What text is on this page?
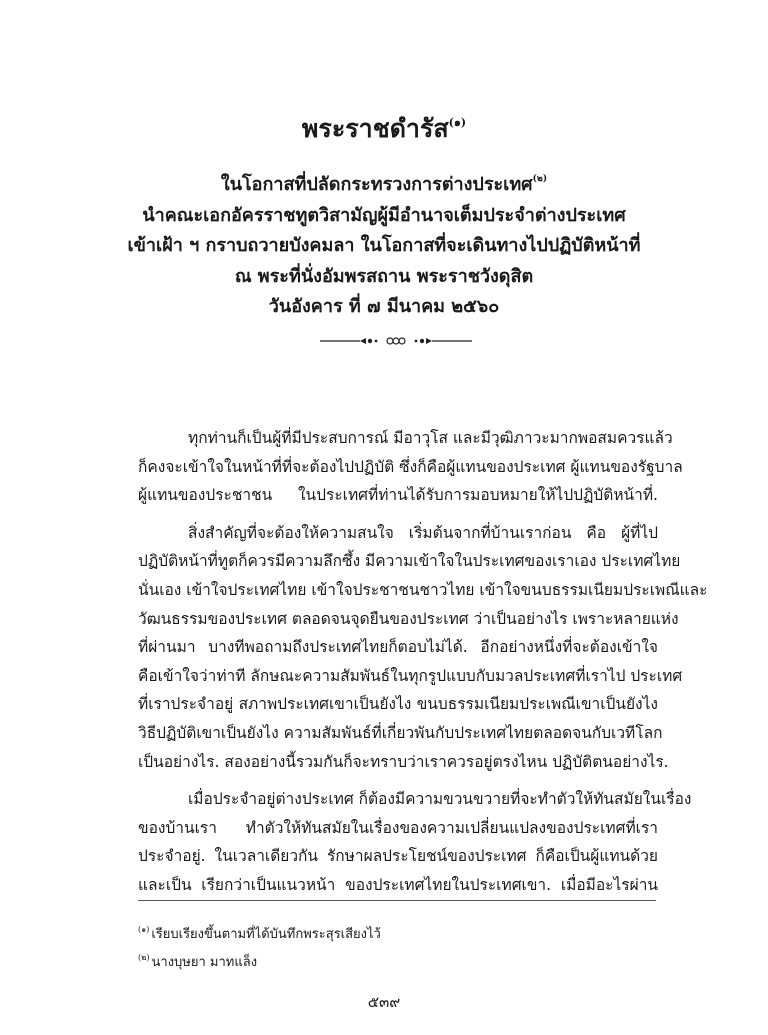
พระราชดำรัส$^{(๑)}$
ในโอกาสที่ปลัดกระทรวงการต่างประเทศ$^{(๒)}$
นำคณะเอกอัครราชทูตวิสามัญผู้มีอำนาจเต็มประจำต่างประเทศ
เข้าเฝ้า ฯ กราบถวายบังคมลา ในโอกาสที่จะเดินทางไปปฏิบัติหน้าที่
ณ พระที่นั่งอัมพรสถาน พระราชวังดุสิต
วันอังคาร ที่ ๗ มีนาคม ๒๕๖๐
ทุกท่านก็เป็นผู้ที่มีประสบการณ์ มีอาวุโส และมีวุฒิภาวะมากพอสมควรแล้ว
ก็คงจะเข้าใจในหน้าที่ที่จะต้องไปปฏิบัติ ซึ่งก็คือผู้แทนของประเทศ ผู้แทนของรัฐบาล
ผู้แทนของประชาชน ในประเทศที่ท่านได้รับการมอบหมายให้ไปปฏิบัติหน้าที่.
สิ่งสำคัญที่จะต้องให้ความสนใจ เริ่มต้นจากที่บ้านเราก่อน คือ ผู้ที่ไป
ปฏิบัติหน้าที่ทูตก็ควรมีความลึกซึ้ง มีความเข้าใจในประเทศของเราเอง ประเทศไทย
นั่นเอง เข้าใจประเทศไทย เข้าใจประชาชนชาวไทย เข้าใจขนบธรรมเนียมประเพณีและ
วัฒนธรรมของประเทศ ตลอดจนจุดยืนของประเทศ ว่าเป็นอย่างไร เพราะหลายแห่ง
ที่ผ่านมา บางทีพอถามถึงประเทศไทยก็ตอบไม่ได้. อีกอย่างหนึ่งที่จะต้องเข้าใจ
คือเข้าใจว่าท่าที ลักษณะความสัมพันธ์ในทุกรูปแบบกับมวลประเทศที่เราไป ประเทศ
ที่เราประจำอยู่ สภาพประเทศเขาเป็นยังไง ขนบธรรมเนียมประเพณีเขาเป็นยังไง
วิธีปฏิบัติเขาเป็นยังไง ความสัมพันธ์ที่เกี่ยวพันกับประเทศไทยตลอดจนกับเวทีโลก
เป็นอย่างไร. สองอย่างนี้รวมกันก็จะทราบว่าเราควรอยู่ตรงไหน ปฏิบัติตนอย่างไร.
เมื่อประจำอยู่ต่างประเทศ ก็ต้องมีความขวนขวายที่จะทำตัวให้ทันสมัยในเรื่อง
ของบ้านเรา ทำตัวให้ทันสมัยในเรื่องของความเปลี่ยนแปลงของประเทศที่เรา
ประจำอยู่. ในเวลาเดียวกัน รักษาผลประโยชน์ของประเทศ ก็คือเป็นผู้แทนด้วย
และเป็น เรียกว่าเป็นแนวหน้า ของประเทศไทยในประเทศเขา. เมื่อมีอะไรผ่าน
$^{(๑)}$ เรียบเรียงขึ้นตามที่ได้บันทึกพระสุรเสียงไว้
$^{(๒)}$ นางบุษยา มาทแล็ง
๕๓๙
